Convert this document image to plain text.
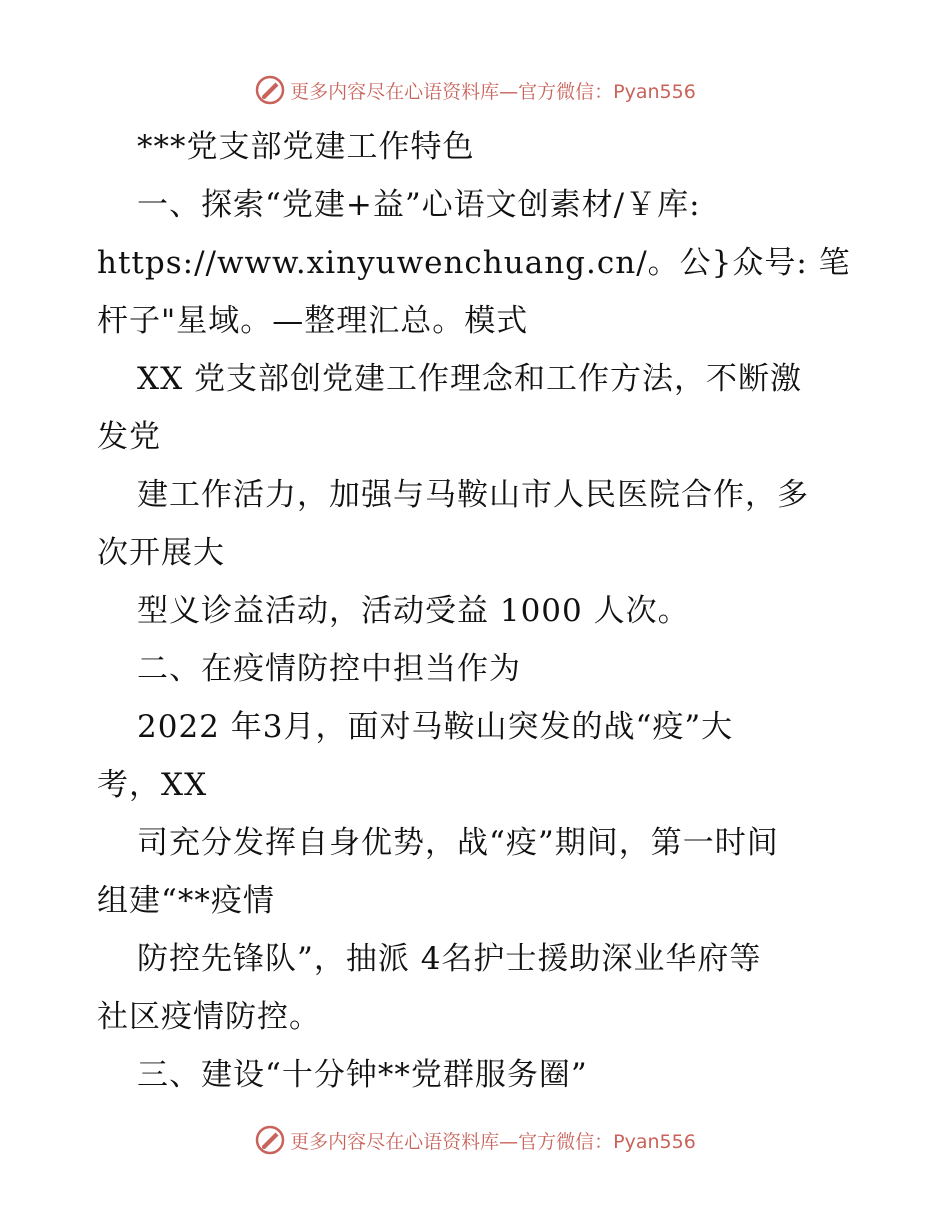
更多内容尽在心语资料库—官方微信：Pyan556
***党支部党建工作特色
一、探索“党建+益”心语文创素材/￥库:
https://www.xinyuwenchuang.cn/。公}众号: 笔
杆子"星域。—整理汇总。模式
XX 党支部创党建工作理念和工作方法，不断激
发党
建工作活力，加强与马鞍山市人民医院合作，多
次开展大
型义诊益活动，活动受益 1000 人次。
二、在疫情防控中担当作为
2022 年3月，面对马鞍山突发的战“疫”大
考，XX
司充分发挥自身优势，战“疫”期间，第一时间
组建“**疫情
防控先锋队”，抽派 4名护士援助深业华府等
社区疫情防控。
三、建设“十分钟**党群服务圈”
更多内容尽在心语资料库—官方微信：Pyan556
